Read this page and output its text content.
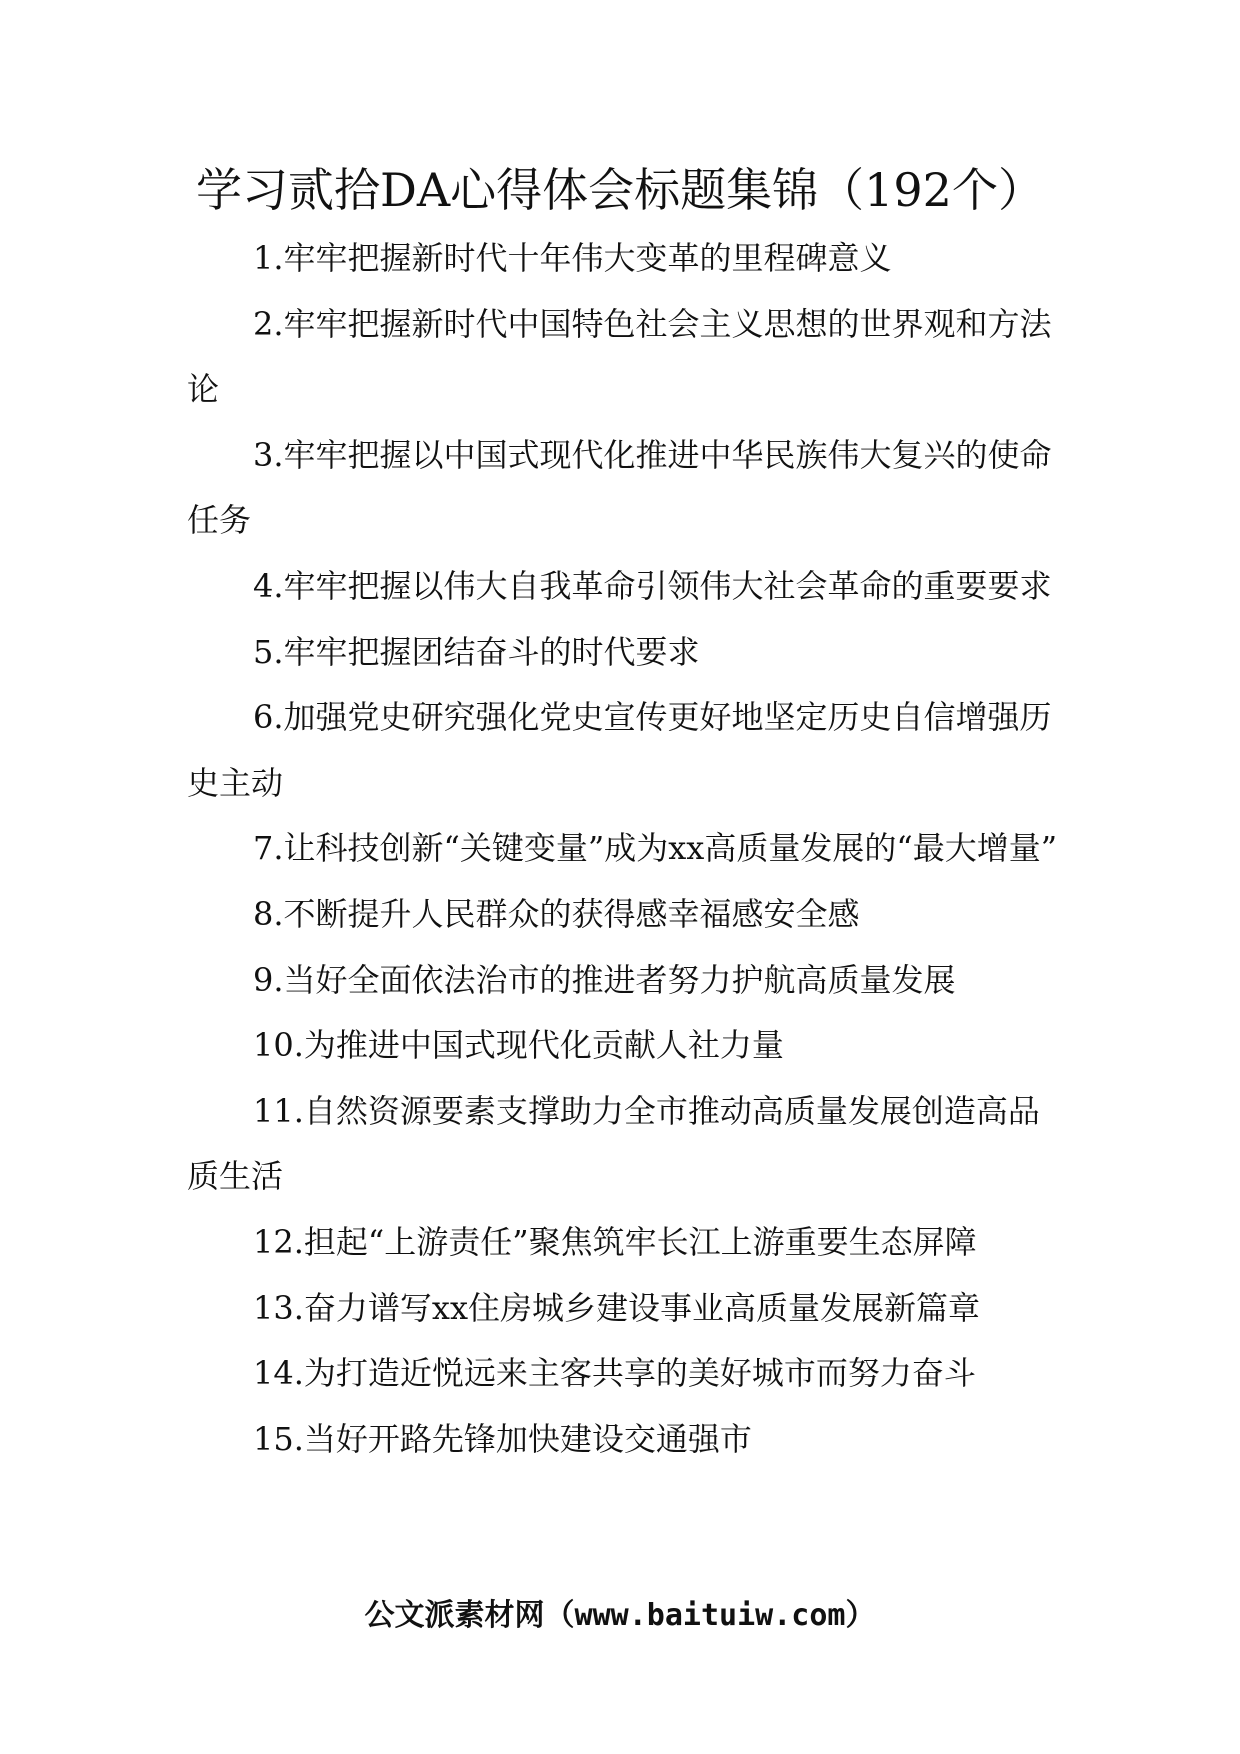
学习贰拾DA心得体会标题集锦（192个）
1.牢牢把握新时代十年伟大变革的里程碑意义
2.牢牢把握新时代中国特色社会主义思想的世界观和方法论
3.牢牢把握以中国式现代化推进中华民族伟大复兴的使命任务
4.牢牢把握以伟大自我革命引领伟大社会革命的重要要求
5.牢牢把握团结奋斗的时代要求
6.加强党史研究强化党史宣传更好地坚定历史自信增强历史主动
7.让科技创新“关键变量”成为xx高质量发展的“最大增量”
8.不断提升人民群众的获得感幸福感安全感
9.当好全面依法治市的推进者努力护航高质量发展
10.为推进中国式现代化贡献人社力量
11.自然资源要素支撑助力全市推动高质量发展创造高品质生活
12.担起“上游责任”聚焦筑牢长江上游重要生态屏障
13.奋力谱写xx住房城乡建设事业高质量发展新篇章
14.为打造近悦远来主客共享的美好城市而努力奋斗
15.当好开路先锋加快建设交通强市
公文派素材网（www.baituiw.com）
